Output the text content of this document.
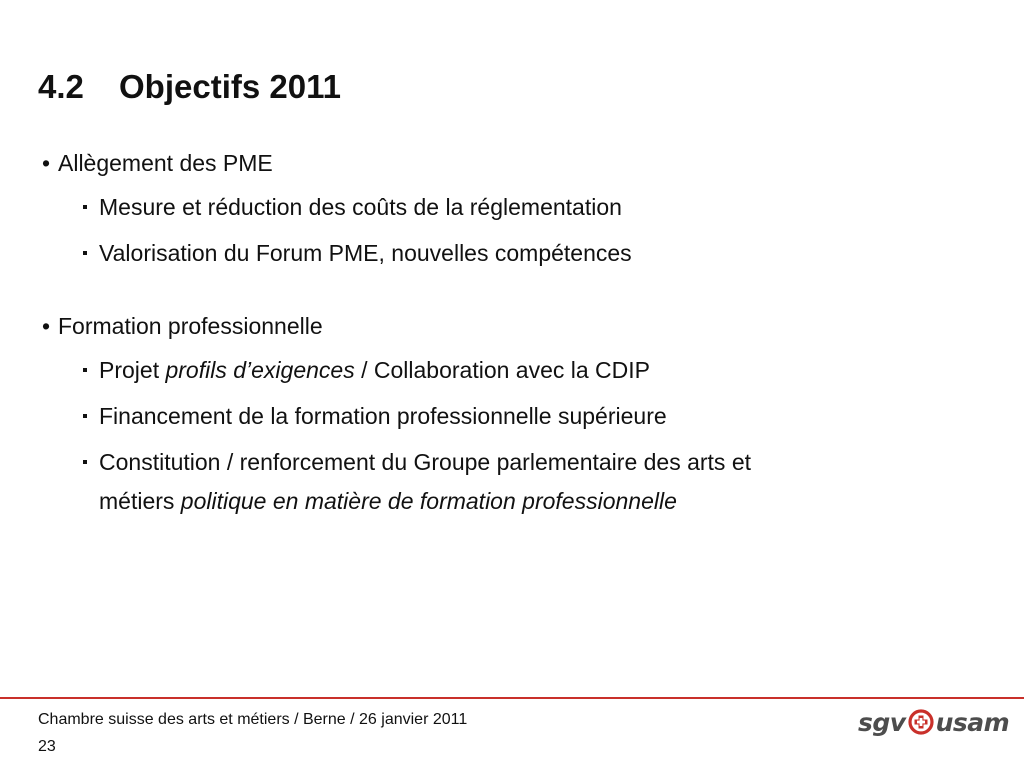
4.2 Objectifs 2011
• Allègement des PME
Mesure et réduction des coûts de la réglementation
Valorisation du Forum PME, nouvelles compétences
• Formation professionnelle
Projet profils d’exigences / Collaboration avec la CDIP
Financement de la formation professionnelle supérieure
Constitution / renforcement du Groupe parlementaire des arts et
métiers politique en matière de formation professionnelle
Chambre suisse des arts et métiers / Berne / 26 janvier 2011
23
sgv usam
